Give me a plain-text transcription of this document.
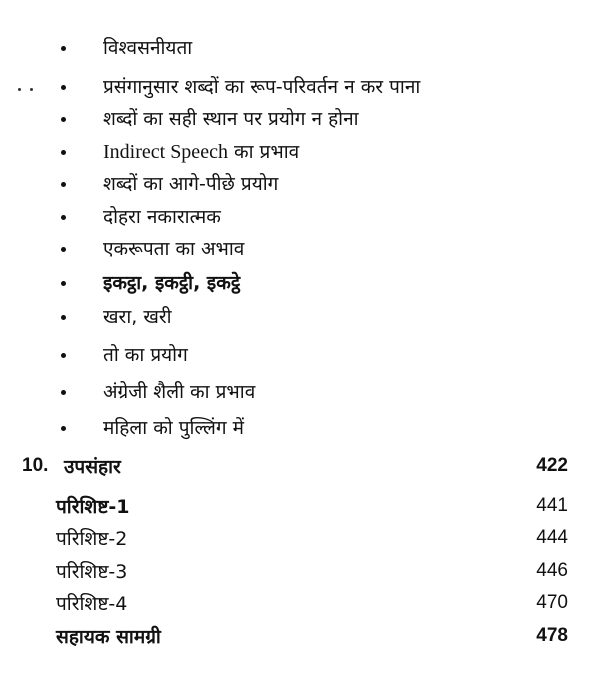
विश्वसनीयता
प्रसंगानुसार शब्दों का रूप-परिवर्तन न कर पाना
शब्दों का सही स्थान पर प्रयोग न होना
Indirect Speech का प्रभाव
शब्दों का आगे-पीछे प्रयोग
दोहरा नकारात्मक
एकरूपता का अभाव
इकट्ठा, इकट्ठी, इकट्ठे
खरा, खरी
तो का प्रयोग
अंग्रेजी शैली का प्रभाव
महिला को पुल्लिंग में
10. उपसंहार	422
परिशिष्ट-1	441
परिशिष्ट-2	444
परिशिष्ट-3	446
परिशिष्ट-4	470
सहायक सामग्री	478
